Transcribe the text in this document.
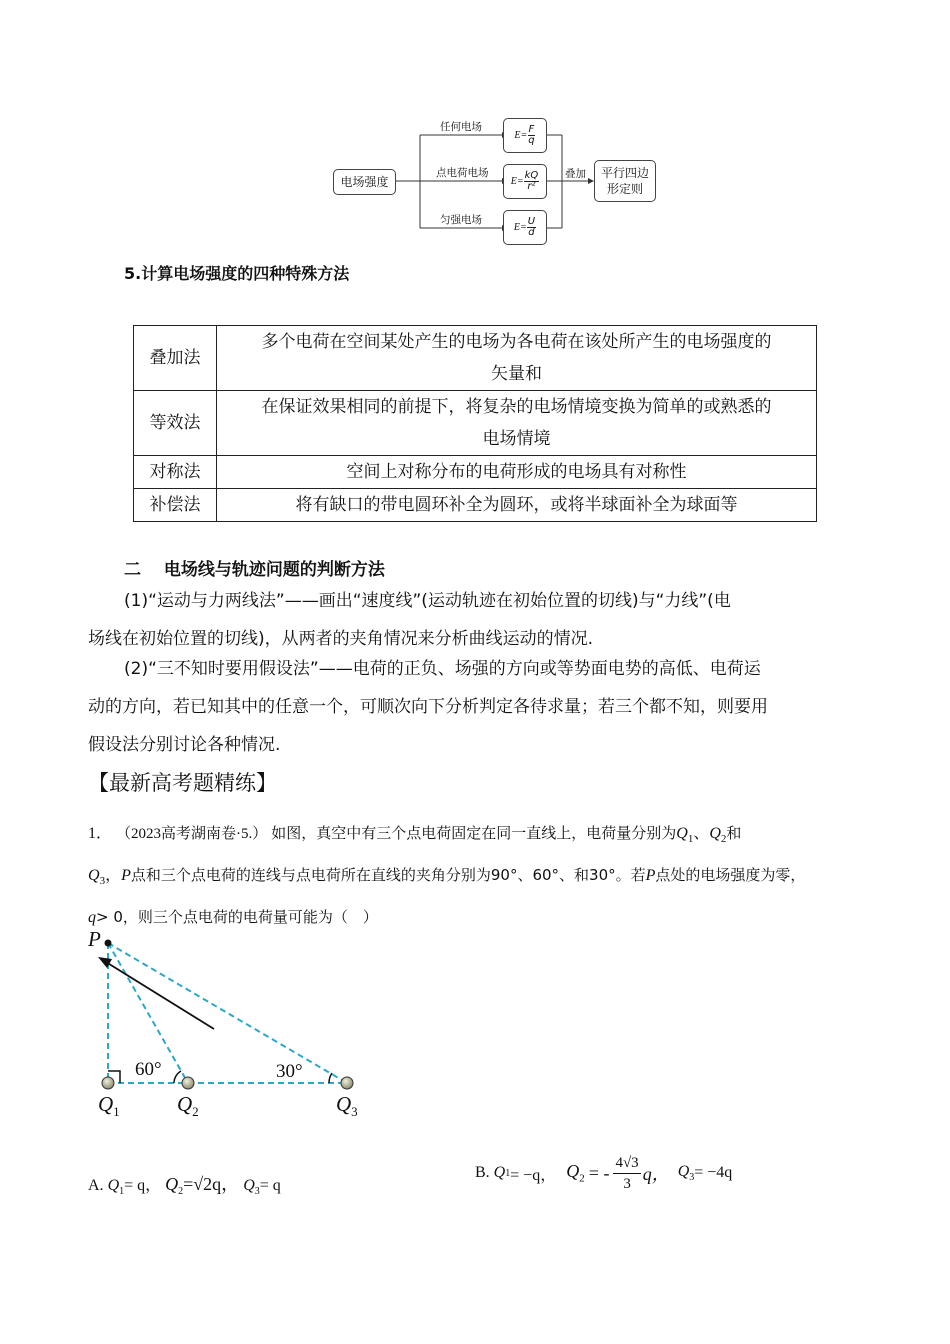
电场强度
任何电场
点电荷电场
匀强电场
$E= \frac{F}{q}$
$E= \frac{kQ}{\text{r²}}$
$E= \frac{U}{d}$
叠加 平行四边
形定则
5.计算电场强度的四种特殊方法
叠加法	多个电荷在空间某处产生的电场为各电荷在该处所产生的电场强度的
矢量和

等效法	在保证效果相同的前提下，将复杂的电场情境变换为简单的或熟悉的
电场情境

对称法	空间上对称分布的电荷形成的电场具有对称性
补偿法	将有缺口的带电圆环补全为圆环，或将半球面补全为球面等
二　 电场线与轨迹问题的判断方法
(1)“运动与力两线法”——画出“速度线”(运动轨迹在初始位置的切线)与“力线”(电
场线在初始位置的切线)，从两者的夹角情况来分析曲线运动的情况.
(2)“三不知时要用假设法”——电荷的正负、场强的方向或等势面电势的高低、电荷运
动的方向，若已知其中的任意一个，可顺次向下分析判定各待求量；若三个都不知，则要用
假设法分别讨论各种情况.
【最新高考题精练】
1． （2023高考湖南卷·5.） 如图，真空中有三个点电荷固定在同一直线上，电荷量分别为$Q_1$、$Q_2$和
$Q_3$，P点和三个点电荷的连线与点电荷所在直线的夹角分别为90°、60°、和30°。若P点处的电场强度为零，
q> 0，则三个点电荷的电荷量可能为（　）
P
60°	30°
$Q_1$	$Q_2$	$Q_3$
A. $Q_1= q$， $Q_2=√2q$， $Q_3= q$
B.
Q 1 = −q， $Q_2$ = - $\frac{4√3}{3}$ q， $Q_3 = -4q$
